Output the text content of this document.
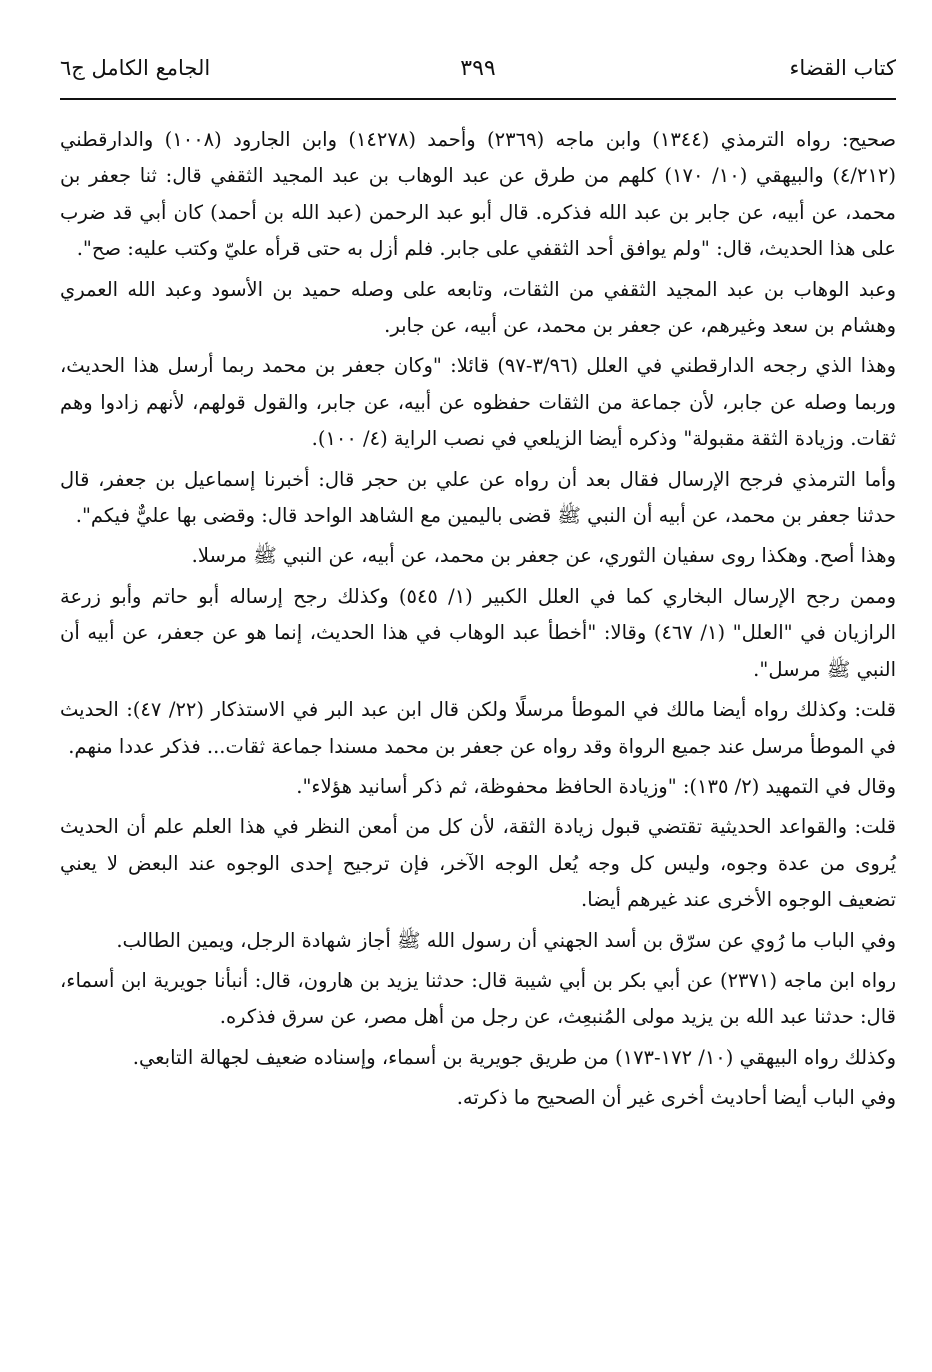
كتاب القضاء
٣٩٩
الجامع الكامل ج٦

صحيح: رواه الترمذي (١٣٤٤) وابن ماجه (٢٣٦٩) وأحمد (١٤٢٧٨) وابن الجارود (١٠٠٨) والدارقطني (٤/٢١٢) والبيهقي (١٠/ ١٧٠) كلهم من طرق عن عبد الوهاب بن عبد المجيد الثقفي قال: ثنا جعفر بن محمد، عن أبيه، عن جابر بن عبد الله فذكره. قال أبو عبد الرحمن (عبد الله بن أحمد) كان أبي قد ضرب على هذا الحديث، قال: "ولم يوافق أحد الثقفي على جابر. فلم أزل به حتى قرأه عليّ وكتب عليه: صح".

وعبد الوهاب بن عبد المجيد الثقفي من الثقات، وتابعه على وصله حميد بن الأسود وعبد الله العمري وهشام بن سعد وغيرهم، عن جعفر بن محمد، عن أبيه، عن جابر.

وهذا الذي رجحه الدارقطني في العلل (٣/٩٦-٩٧) قائلا: "وكان جعفر بن محمد ربما أرسل هذا الحديث، وربما وصله عن جابر، لأن جماعة من الثقات حفظوه عن أبيه، عن جابر، والقول قولهم، لأنهم زادوا وهم ثقات. وزيادة الثقة مقبولة" وذكره أيضا الزيلعي في نصب الراية (٤/ ١٠٠).

وأما الترمذي فرجح الإرسال فقال بعد أن رواه عن علي بن حجر قال: أخبرنا إسماعيل بن جعفر، قال حدثنا جعفر بن محمد، عن أبيه أن النبي ﷺ قضى باليمين مع الشاهد الواحد قال: وقضى بها عليٌّ فيكم".

وهذا أصح. وهكذا روى سفيان الثوري، عن جعفر بن محمد، عن أبيه، عن النبي ﷺ مرسلا.

وممن رجح الإرسال البخاري كما في العلل الكبير (١/ ٥٤٥) وكذلك رجح إرساله أبو حاتم وأبو زرعة الرازيان في "العلل" (١/ ٤٦٧) وقالا: "أخطأ عبد الوهاب في هذا الحديث، إنما هو عن جعفر، عن أبيه أن النبي ﷺ مرسل".

قلت: وكذلك رواه أيضا مالك في الموطأ مرسلًا ولكن قال ابن عبد البر في الاستذكار (٢٢/ ٤٧): الحديث في الموطأ مرسل عند جميع الرواة وقد رواه عن جعفر بن محمد مسندا جماعة ثقات... فذكر عددا منهم.

وقال في التمهيد (٢/ ١٣٥): "وزيادة الحافظ محفوظة، ثم ذكر أسانيد هؤلاء".

قلت: والقواعد الحديثية تقتضي قبول زيادة الثقة، لأن كل من أمعن النظر في هذا العلم علم أن الحديث يُروى من عدة وجوه، وليس كل وجه يُعل الوجه الآخر، فإن ترجيح إحدى الوجوه عند البعض لا يعني تضعيف الوجوه الأخرى عند غيرهم أيضا.

وفي الباب ما رُوي عن سرّق بن أسد الجهني أن رسول الله ﷺ أجاز شهادة الرجل، ويمين الطالب.

رواه ابن ماجه (٢٣٧١) عن أبي بكر بن أبي شيبة قال: حدثنا يزيد بن هارون، قال: أنبأنا جويرية ابن أسماء، قال: حدثنا عبد الله بن يزيد مولى المُنبعِث، عن رجل من أهل مصر، عن سرق فذكره.

وكذلك رواه البيهقي (١٠/ ١٧٢-١٧٣) من طريق جويرية بن أسماء، وإسناده ضعيف لجهالة التابعي.

وفي الباب أيضا أحاديث أخرى غير أن الصحيح ما ذكرته.
